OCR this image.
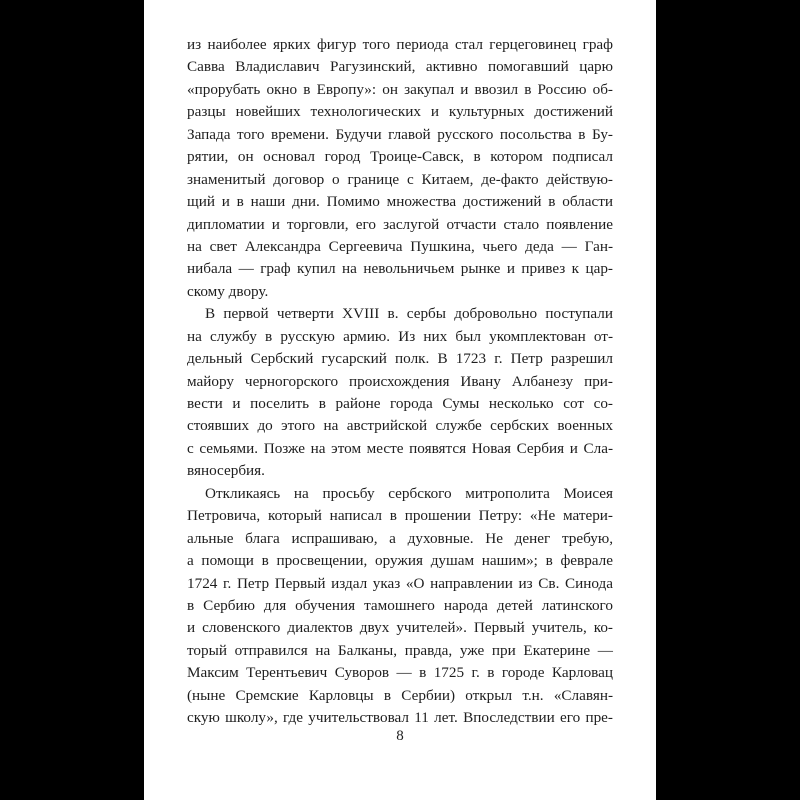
из наиболее ярких фигур того периода стал герцеговинец граф
Савва Владиславич Рагузинский, активно помогавший царю
«прорубать окно в Европу»: он закупал и ввозил в Россию об-
разцы новейших технологических и культурных достижений
Запада того времени. Будучи главой русского посольства в Бу-
рятии, он основал город Троице-Савск, в котором подписал
знаменитый договор о границе с Китаем, де-факто действую-
щий и в наши дни. Помимо множества достижений в области
дипломатии и торговли, его заслугой отчасти стало появление
на свет Александра Сергеевича Пушкина, чьего деда — Ган-
нибала — граф купил на невольничьем рынке и привез к цар-
скому двору.
В первой четверти XVIII в. сербы добровольно поступали
на службу в русскую армию. Из них был укомплектован от-
дельный Сербский гусарский полк. В 1723 г. Петр разрешил
майору черногорского происхождения Ивану Албанезу при-
вести и поселить в районе города Сумы несколько сот со-
стоявших до этого на австрийской службе сербских военных
с семьями. Позже на этом месте появятся Новая Сербия и Сла-
вяносербия.
Откликаясь на просьбу сербского митрополита Моисея
Петровича, который написал в прошении Петру: «Не матери-
альные блага испрашиваю, а духовные. Не денег требую,
а помощи в просвещении, оружия душам нашим»; в феврале
1724 г. Петр Первый издал указ «О направлении из Св. Синода
в Сербию для обучения тамошнего народа детей латинского
и словенского диалектов двух учителей». Первый учитель, ко-
торый отправился на Балканы, правда, уже при Екатерине —
Максим Терентьевич Суворов — в 1725 г. в городе Карловац
(ныне Сремские Карловцы в Сербии) открыл т.н. «Славян-
скую школу», где учительствовал 11 лет. Впоследствии его пре-
8
